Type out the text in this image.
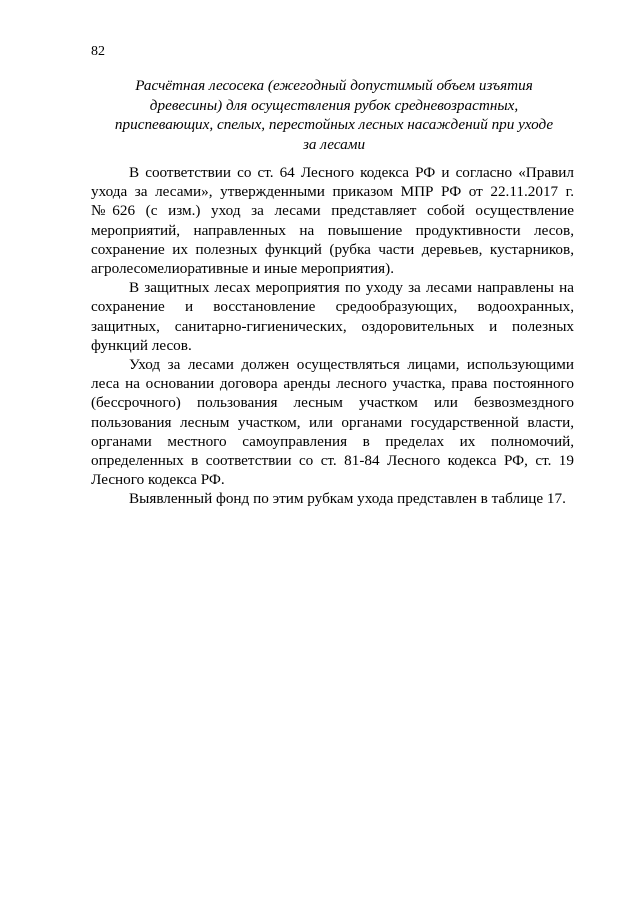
82
Расчётная лесосека (ежегодный допустимый объем изъятия древесины) для осуществления рубок средневозрастных, приспевающих, спелых, перестойных лесных насаждений при уходе за лесами

В соответствии со ст. 64 Лесного кодекса РФ и согласно «Правил ухода за лесами», утвержденными приказом МПР РФ от 22.11.2017 г. №626 (с изм.) уход за лесами представляет собой осуществление мероприятий, направленных на повышение продуктивности лесов, сохранение их полезных функций (рубка части деревьев, кустарников, агролесомелиоративные и иные мероприятия).

В защитных лесах мероприятия по уходу за лесами направлены на сохранение и восстановление средообразующих, водоохранных, защитных, санитарно-гигиенических, оздоровительных и полезных функций лесов.

Уход за лесами должен осуществляться лицами, использующими леса на основании договора аренды лесного участка, права постоянного (бессрочного) пользования лесным участком или безвозмездного пользования лесным участком, или органами государственной власти, органами местного самоуправления в пределах их полномочий, определенных в соответствии со ст. 81-84 Лесного кодекса РФ, ст. 19 Лесного кодекса РФ.

Выявленный фонд по этим рубкам ухода представлен в таблице 17.
